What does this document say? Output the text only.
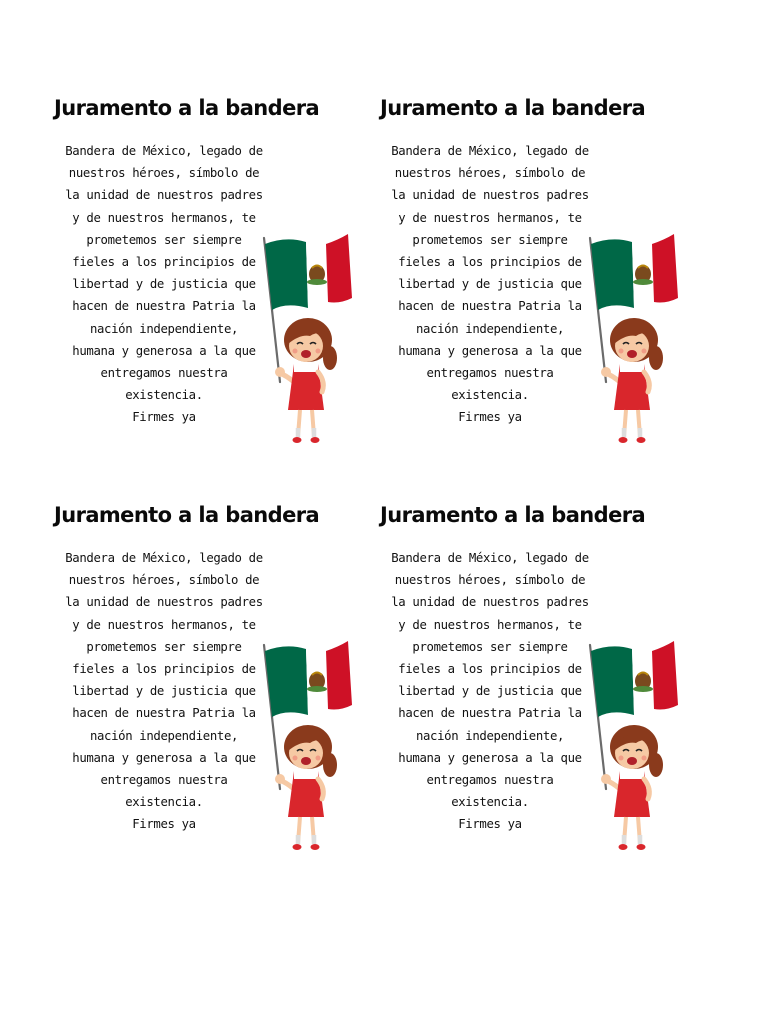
Juramento a la bandera
Bandera de México, legado de
nuestros héroes, símbolo de
la unidad de nuestros padres
y de nuestros hermanos, te
prometemos ser siempre
fieles a los principios de
libertad y de justicia que
hacen de nuestra Patria la
nación independiente,
humana y generosa a la que
entregamos nuestra
existencia.
Firmes ya
Juramento a la bandera
Bandera de México, legado de
nuestros héroes, símbolo de
la unidad de nuestros padres
y de nuestros hermanos, te
prometemos ser siempre
fieles a los principios de
libertad y de justicia que
hacen de nuestra Patria la
nación independiente,
humana y generosa a la que
entregamos nuestra
existencia.
Firmes ya
Juramento a la bandera
Bandera de México, legado de
nuestros héroes, símbolo de
la unidad de nuestros padres
y de nuestros hermanos, te
prometemos ser siempre
fieles a los principios de
libertad y de justicia que
hacen de nuestra Patria la
nación independiente,
humana y generosa a la que
entregamos nuestra
existencia.
Firmes ya
Juramento a la bandera
Bandera de México, legado de
nuestros héroes, símbolo de
la unidad de nuestros padres
y de nuestros hermanos, te
prometemos ser siempre
fieles a los principios de
libertad y de justicia que
hacen de nuestra Patria la
nación independiente,
humana y generosa a la que
entregamos nuestra
existencia.
Firmes ya
